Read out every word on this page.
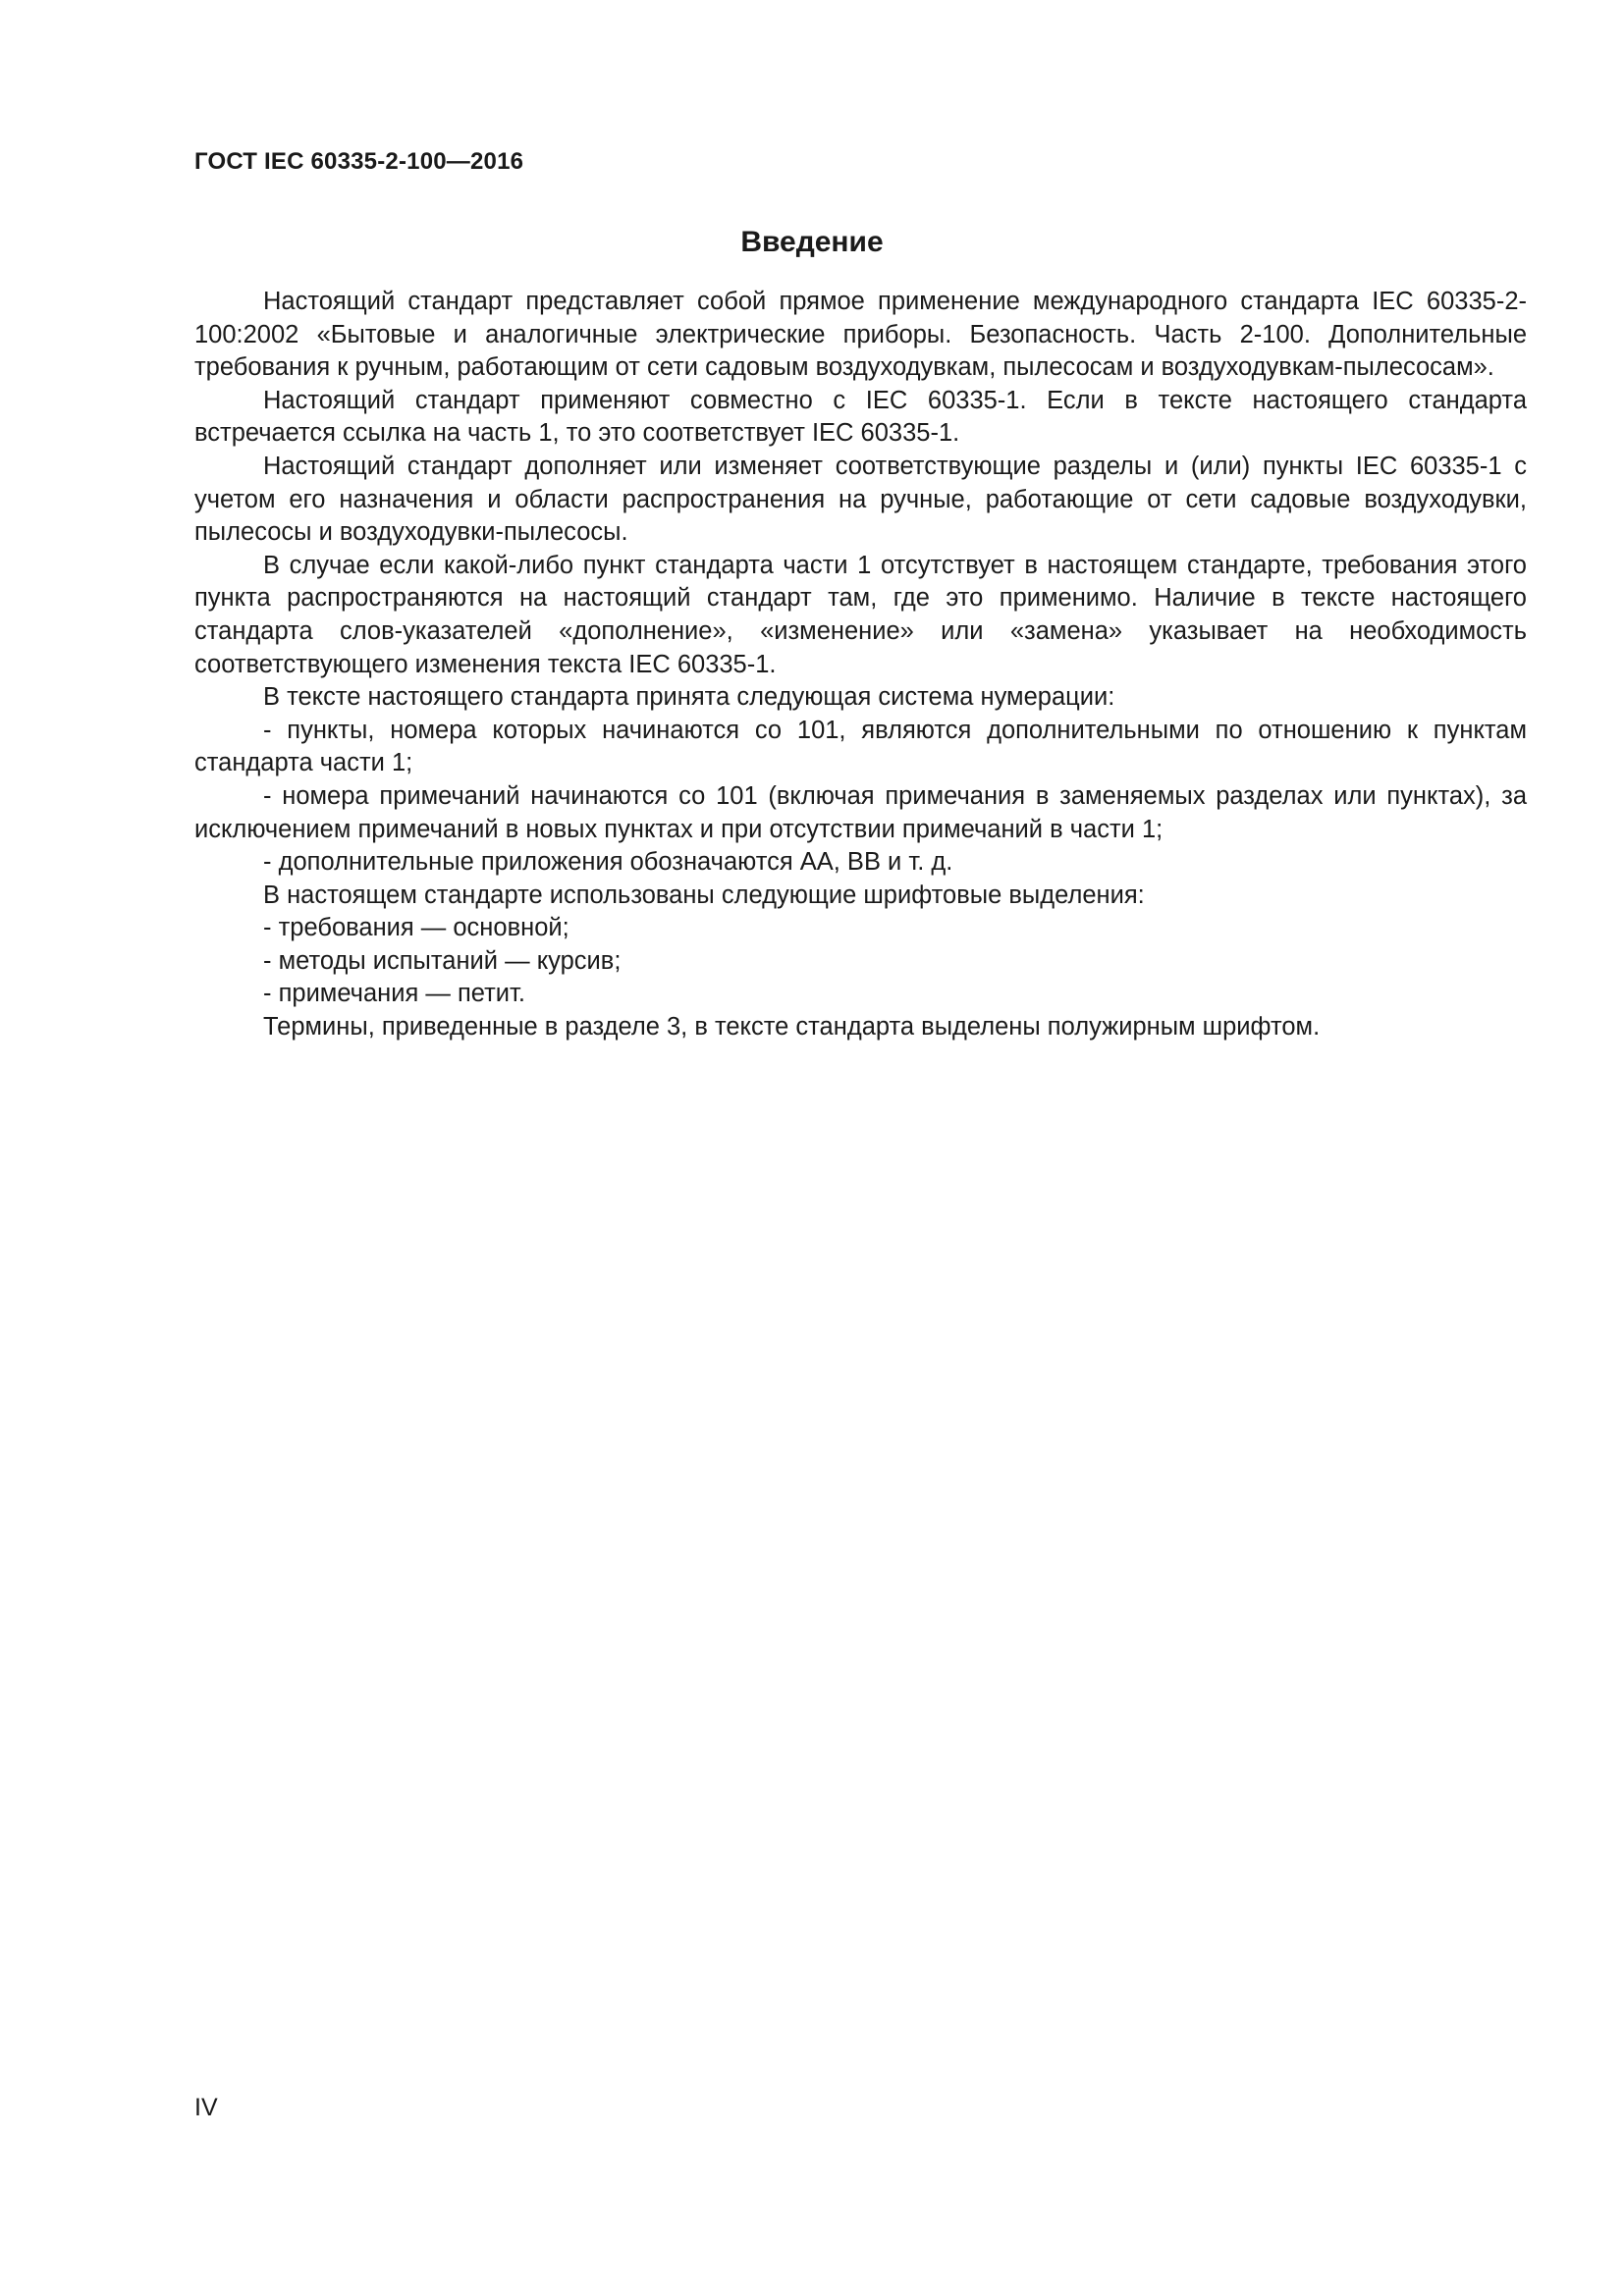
ГОСТ IEC 60335-2-100—2016
Введение

Настоящий стандарт представляет собой прямое применение международного стандарта IEC 60335-2-100:2002 «Бытовые и аналогичные электрические приборы. Безопасность. Часть 2-100. Дополнительные требования к ручным, работающим от сети садовым воздуходувкам, пылесосам и воздуходувкам-пылесосам».

Настоящий стандарт применяют совместно с IEC 60335-1. Если в тексте настоящего стандарта встречается ссылка на часть 1, то это соответствует IEC 60335-1.

Настоящий стандарт дополняет или изменяет соответствующие разделы и (или) пункты IEC 60335-1 с учетом его назначения и области распространения на ручные, работающие от сети садовые воздуходувки, пылесосы и воздуходувки-пылесосы.

В случае если какой-либо пункт стандарта части 1 отсутствует в настоящем стандарте, требования этого пункта распространяются на настоящий стандарт там, где это применимо. Наличие в тексте настоящего стандарта слов-указателей «дополнение», «изменение» или «замена» указывает на необходимость соответствующего изменения текста IEC 60335-1.

В тексте настоящего стандарта принята следующая система нумерации:

- пункты, номера которых начинаются со 101, являются дополнительными по отношению к пунктам стандарта части 1;

- номера примечаний начинаются со 101 (включая примечания в заменяемых разделах или пунктах), за исключением примечаний в новых пунктах и при отсутствии примечаний в части 1;

- дополнительные приложения обозначаются AA, BB и т. д.

В настоящем стандарте использованы следующие шрифтовые выделения:

- требования — основной;

- методы испытаний — курсив;

- примечания — петит.

Термины, приведенные в разделе 3, в тексте стандарта выделены полужирным шрифтом.

IV
